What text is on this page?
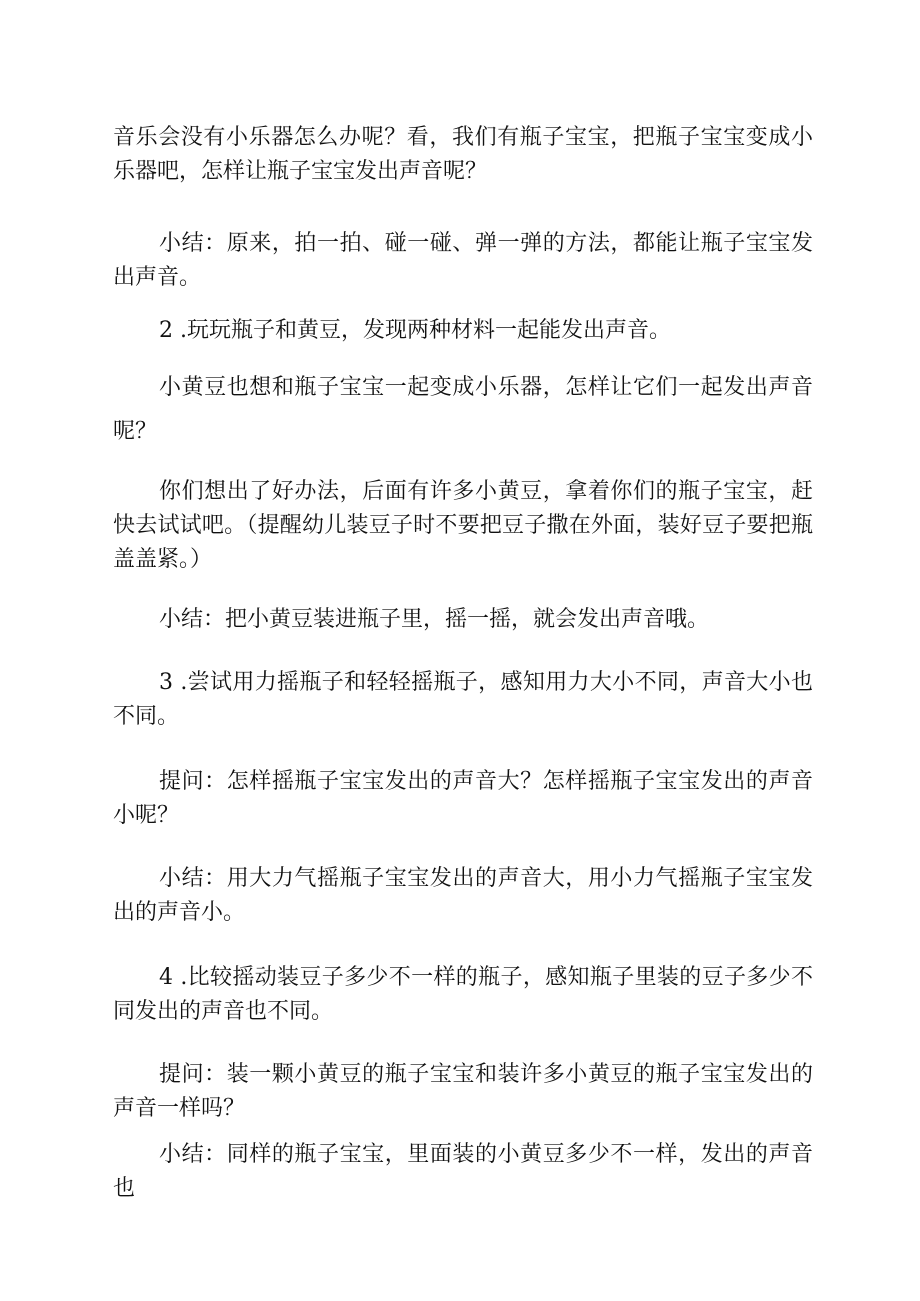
音乐会没有小乐器怎么办呢？看，我们有瓶子宝宝，把瓶子宝宝变成小乐器吧，怎样让瓶子宝宝发出声音呢？

小结：原来，拍一拍、碰一碰、弹一弹的方法，都能让瓶子宝宝发出声音。

2 .玩玩瓶子和黄豆，发现两种材料一起能发出声音。

小黄豆也想和瓶子宝宝一起变成小乐器，怎样让它们一起发出声音呢？

你们想出了好办法，后面有许多小黄豆，拿着你们的瓶子宝宝，赶快去试试吧。（提醒幼儿装豆子时不要把豆子撒在外面，装好豆子要把瓶盖盖紧。）

小结：把小黄豆装进瓶子里，摇一摇，就会发出声音哦。

3 .尝试用力摇瓶子和轻轻摇瓶子，感知用力大小不同，声音大小也不同。

提问：怎样摇瓶子宝宝发出的声音大？怎样摇瓶子宝宝发出的声音小呢？

小结：用大力气摇瓶子宝宝发出的声音大，用小力气摇瓶子宝宝发出的声音小。

4 .比较摇动装豆子多少不一样的瓶子，感知瓶子里装的豆子多少不同发出的声音也不同。

提问：装一颗小黄豆的瓶子宝宝和装许多小黄豆的瓶子宝宝发出的声音一样吗？

小结：同样的瓶子宝宝，里面装的小黄豆多少不一样，发出的声音也
